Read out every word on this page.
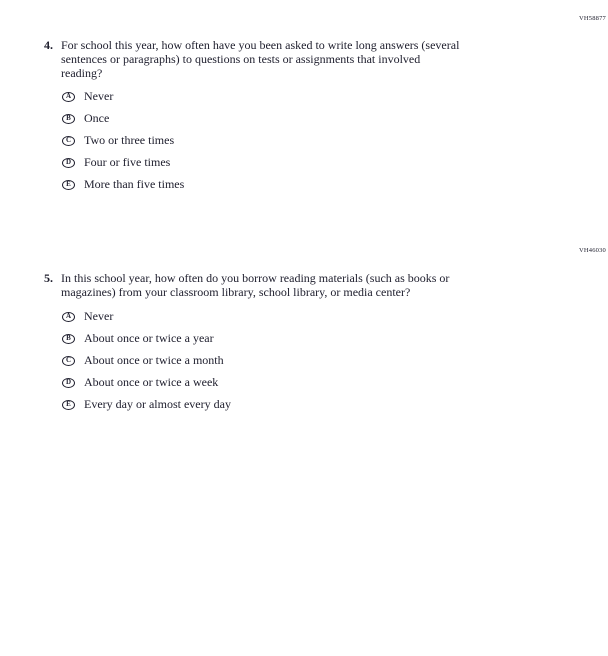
VH58877
VH46030
4. For school this year, how often have you been asked to write long answers (several
sentences or paragraphs) to questions on tests or assignments that involved
reading?
A Never
B Once
C Two or three times
D Four or five times
E More than five times
5. In this school year, how often do you borrow reading materials (such as books or
magazines) from your classroom library, school library, or media center?
A Never
B About once or twice a year
C About once or twice a month
D About once or twice a week
E Every day or almost every day
